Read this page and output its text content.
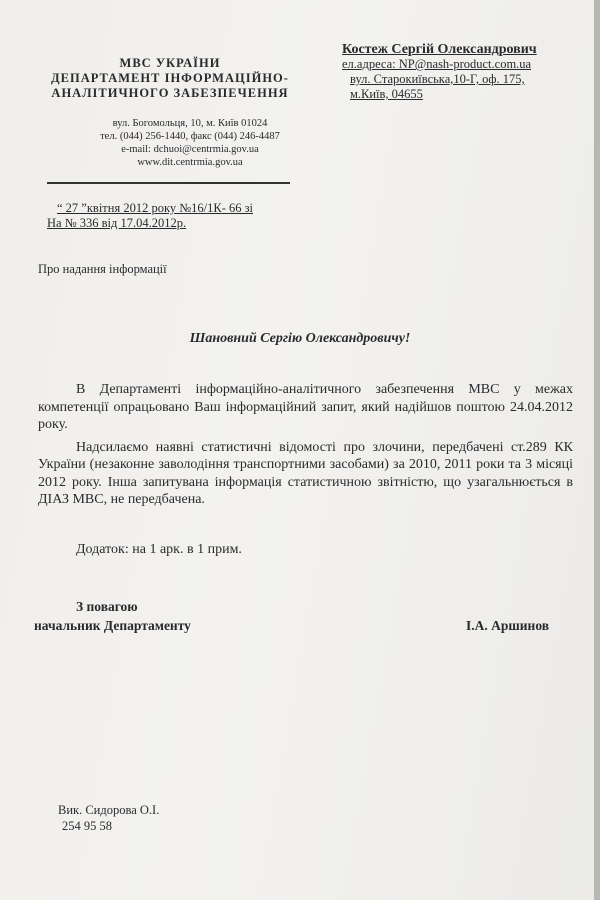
МВС УКРАЇНИ
ДЕПАРТАМЕНТ ІНФОРМАЦІЙНО-
АНАЛІТИЧНОГО ЗАБЕЗПЕЧЕННЯ
вул. Богомольця, 10, м. Київ 01024
тел. (044) 256-1440, факс (044) 246-4487
e-mail: dchuoi@centrmia.gov.ua
www.dit.centrmia.gov.ua
Костеж Сергій Олександрович
ел.адреса: NP@nash-product.com.ua
вул. Старокиївська,10-Г, оф. 175,
м.Київ, 04655
“ 27 ”квітня 2012 року №16/1К- 66 зі
На № 336 від 17.04.2012р.
Про надання інформації
Шановний Сергію Олександровичу!

В Департаменті інформаційно-аналітичного забезпечення МВС у межах компетенції опрацьовано Ваш інформаційний запит, який надійшов поштою 24.04.2012 року.

Надсилаємо наявні статистичні відомості про злочини, передбачені ст.289 КК України (незаконне заволодіння транспортними засобами) за 2010, 2011 роки та 3 місяці 2012 року. Інша запитувана інформація статистичною звітністю, що узагальнюється в ДІАЗ МВС, не передбачена.

Додаток: на 1 арк. в 1 прим.
З повагою
начальник Департаменту	І.А. Аршинов
Вик. Сидорова О.І.
254 95 58
